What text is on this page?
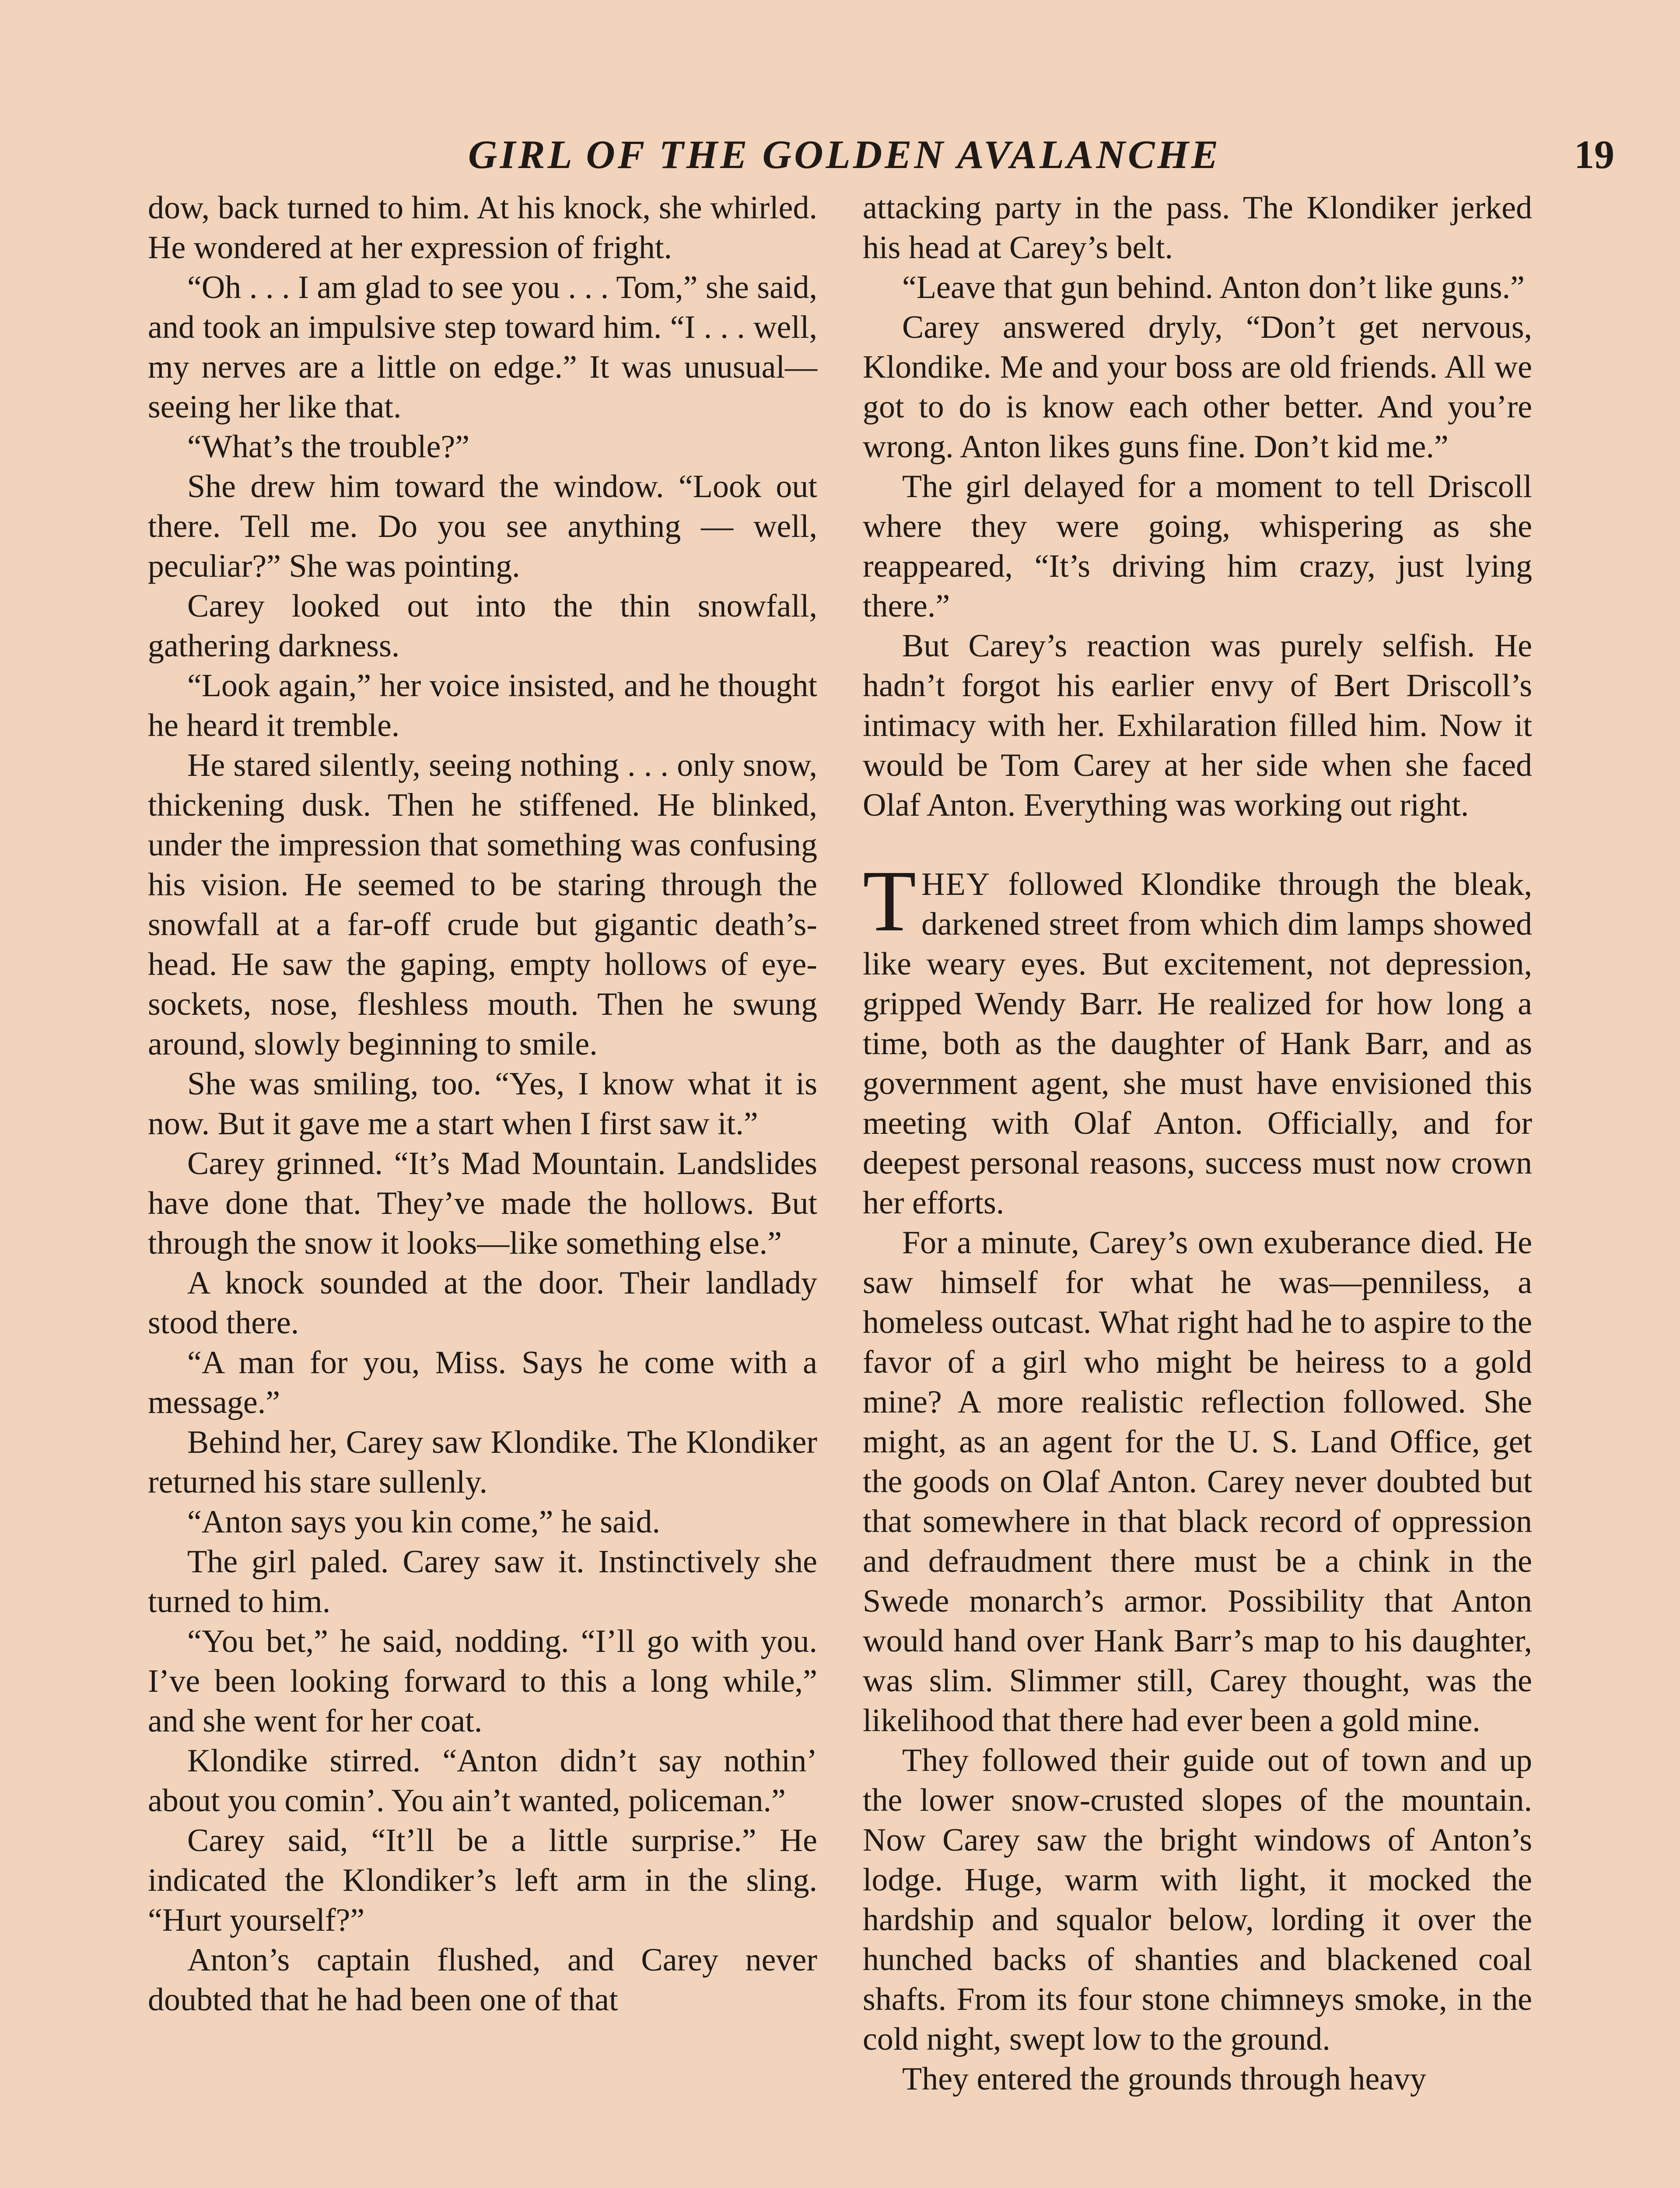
GIRL OF THE GOLDEN AVALANCHE	19

dow, back turned to him. At his knock, she whirled. He wondered at her expression of fright.

“Oh . . . I am glad to see you . . . Tom,” she said, and took an impulsive step toward him. “I . . . well, my nerves are a little on edge.” It was unusual—seeing her like that.

“What’s the trouble?”

She drew him toward the window. “Look out there. Tell me. Do you see anything — well, peculiar?” She was pointing.

Carey looked out into the thin snowfall, gathering darkness.

“Look again,” her voice insisted, and he thought he heard it tremble.

He stared silently, seeing nothing . . . only snow, thickening dusk. Then he stiffened. He blinked, under the impression that something was confusing his vision. He seemed to be staring through the snowfall at a far-off crude but gigantic death’s-head. He saw the gaping, empty hollows of eye-sockets, nose, fleshless mouth. Then he swung around, slowly beginning to smile.

She was smiling, too. “Yes, I know what it is now. But it gave me a start when I first saw it.”

Carey grinned. “It’s Mad Mountain. Landslides have done that. They’ve made the hollows. But through the snow it looks—like something else.”

A knock sounded at the door. Their landlady stood there.

“A man for you, Miss. Says he come with a message.”

Behind her, Carey saw Klondike. The Klondiker returned his stare sullenly.

“Anton says you kin come,” he said.

The girl paled. Carey saw it. Instinctively she turned to him.

“You bet,” he said, nodding. “I’ll go with you. I’ve been looking forward to this a long while,” and she went for her coat.

Klondike stirred. “Anton didn’t say nothin’ about you comin’. You ain’t wanted, policeman.”

Carey said, “It’ll be a little surprise.” He indicated the Klondiker’s left arm in the sling. “Hurt yourself?”

Anton’s captain flushed, and Carey never doubted that he had been one of that

attacking party in the pass. The Klondiker jerked his head at Carey’s belt.

“Leave that gun behind. Anton don’t like guns.”

Carey answered dryly, “Don’t get nervous, Klondike. Me and your boss are old friends. All we got to do is know each other better. And you’re wrong. Anton likes guns fine. Don’t kid me.”

The girl delayed for a moment to tell Driscoll where they were going, whispering as she reappeared, “It’s driving him crazy, just lying there.”

But Carey’s reaction was purely selfish. He hadn’t forgot his earlier envy of Bert Driscoll’s intimacy with her. Exhilaration filled him. Now it would be Tom Carey at her side when she faced Olaf Anton. Everything was working out right.

THEY followed Klondike through the bleak, darkened street from which dim lamps showed like weary eyes. But excitement, not depression, gripped Wendy Barr. He realized for how long a time, both as the daughter of Hank Barr, and as government agent, she must have envisioned this meeting with Olaf Anton. Officially, and for deepest personal reasons, success must now crown her efforts.

For a minute, Carey’s own exuberance died. He saw himself for what he was—penniless, a homeless outcast. What right had he to aspire to the favor of a girl who might be heiress to a gold mine? A more realistic reflection followed. She might, as an agent for the U. S. Land Office, get the goods on Olaf Anton. Carey never doubted but that somewhere in that black record of oppression and defraudment there must be a chink in the Swede monarch’s armor. Possibility that Anton would hand over Hank Barr’s map to his daughter, was slim. Slimmer still, Carey thought, was the likelihood that there had ever been a gold mine.

They followed their guide out of town and up the lower snow-crusted slopes of the mountain. Now Carey saw the bright windows of Anton’s lodge. Huge, warm with light, it mocked the hardship and squalor below, lording it over the hunched backs of shanties and blackened coal shafts. From its four stone chimneys smoke, in the cold night, swept low to the ground.

They entered the grounds through heavy
